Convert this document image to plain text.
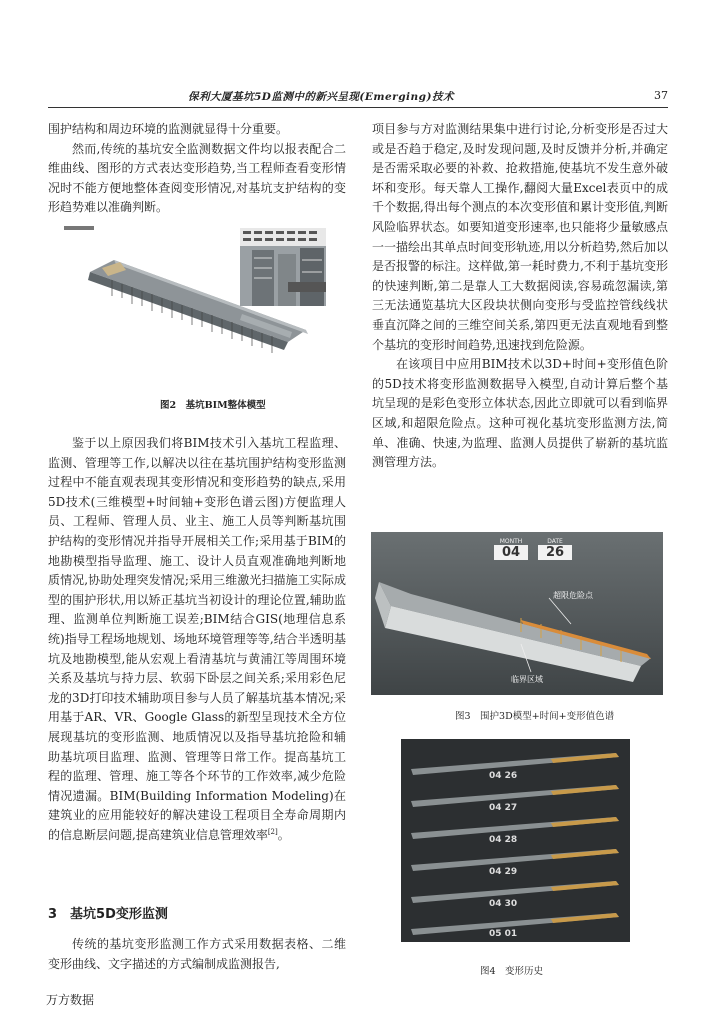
保利大厦基坑5D监测中的新兴呈现(Emerging)技术	37

围护结构和周边环境的监测就显得十分重要。

然而,传统的基坑安全监测数据文件均以报表配合二维曲线、图形的方式表达变形趋势,当工程师查看变形情况时不能方便地整体查阅变形情况,对基坑支护结构的变形趋势难以准确判断。

图2　基坑BIM整体模型

鉴于以上原因我们将BIM技术引入基坑工程监理、监测、管理等工作,以解决以往在基坑围护结构变形监测过程中不能直观表现其变形情况和变形趋势的缺点,采用5D技术(三维模型+时间轴+变形色谱云图)方便监理人员、工程师、管理人员、业主、施工人员等判断基坑围护结构的变形情况并指导开展相关工作;采用基于BIM的地勘模型指导监理、施工、设计人员直观准确地判断地质情况,协助处理突发情况;采用三维激光扫描施工实际成型的围护形状,用以矫正基坑当初设计的理论位置,辅助监理、监测单位判断施工误差;BIM结合GIS(地理信息系统)指导工程场地规划、场地环境管理等等,结合半透明基坑及地勘模型,能从宏观上看清基坑与黄浦江等周围环境关系及基坑与持力层、软弱下卧层之间关系;采用彩色尼龙的3D打印技术辅助项目参与人员了解基坑基本情况;采用基于AR、VR、Google Glass的新型呈现技术全方位展现基坑的变形监测、地质情况以及指导基坑抢险和辅助基坑项目监理、监测、管理等日常工作。提高基坑工程的监理、管理、施工等各个环节的工作效率,减少危险情况遗漏。BIM(Building Information Modeling)在建筑业的应用能较好的解决建设工程项目全寿命周期内的信息断层问题,提高建筑业信息管理效率[2]。

3　基坑5D变形监测

传统的基坑变形监测工作方式采用数据表格、二维变形曲线、文字描述的方式编制成监测报告,

项目参与方对监测结果集中进行讨论,分析变形是否过大或是否趋于稳定,及时发现问题,及时反馈并分析,并确定是否需采取必要的补救、抢救措施,使基坑不发生意外破坏和变形。每天靠人工操作,翻阅大量Excel表页中的成千个数据,得出每个测点的本次变形值和累计变形值,判断风险临界状态。如要知道变形速率,也只能将少量敏感点一一描绘出其单点时间变形轨迹,用以分析趋势,然后加以是否报警的标注。这样做,第一耗时费力,不利于基坑变形的快速判断,第二是靠人工大数据阅读,容易疏忽漏读,第三无法通览基坑大区段块状侧向变形与受监控管线线状垂直沉降之间的三维空间关系,第四更无法直观地看到整个基坑的变形时间趋势,迅速找到危险源。

在该项目中应用BIM技术以3D+时间+变形值色阶的5D技术将变形监测数据导入模型,自动计算后整个基坑呈现的是彩色变形立体状态,因此立即就可以看到临界区域,和超限危险点。这种可视化基坑变形监测方法,简单、准确、快速,为监理、监测人员提供了崭新的基坑监测管理方法。

MONTH
04
DATE
26
超限危险点
临界区域
图3　围护3D模型+时间+变形值色谱
04 26
04 27
04 28
04 29
04 30
05 01
图4　变形历史
万方数据
